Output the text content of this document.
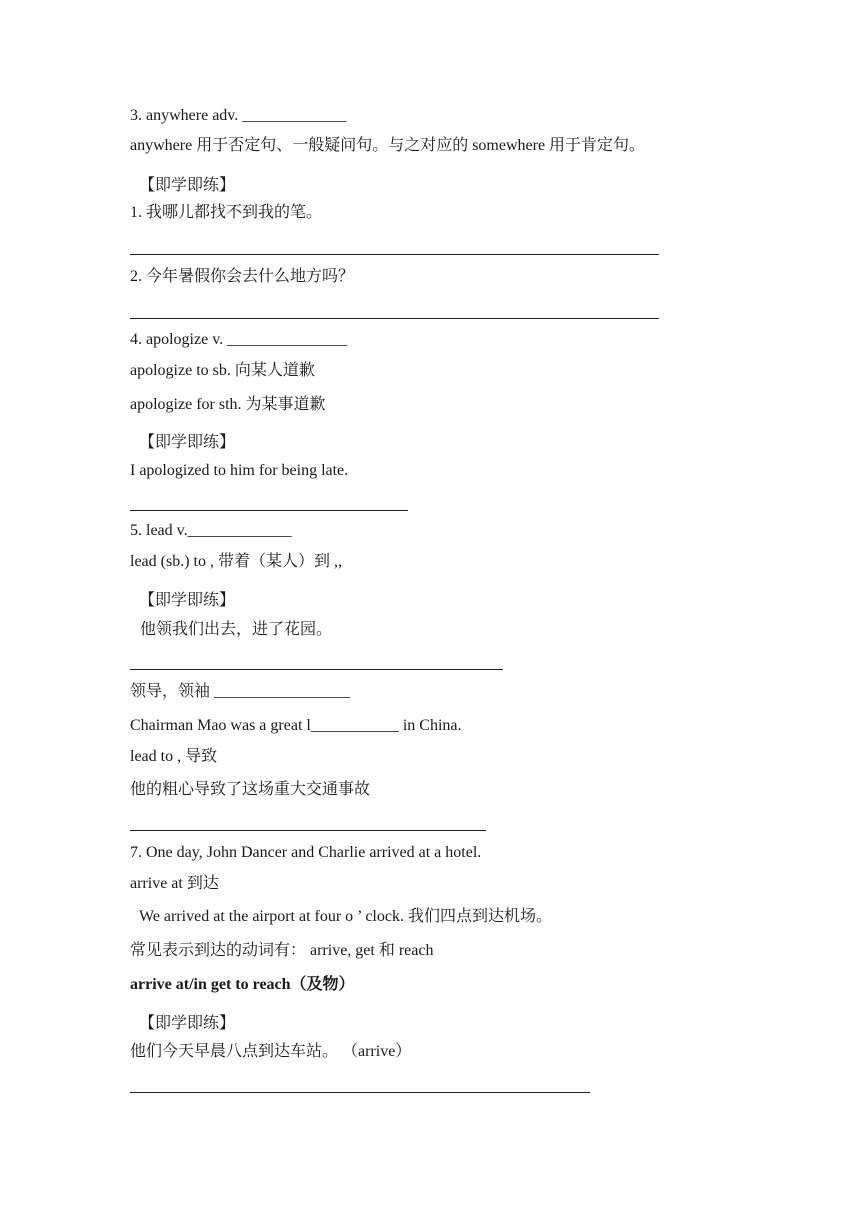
3. anywhere adv. _____________
anywhere 用于否定句、一般疑问句。与之对应的 somewhere 用于肯定句。
【即学即练】
1. 我哪儿都找不到我的笔。
2. 今年暑假你会去什么地方吗？
4. apologize v. _______________
apologize to sb. 向某人道歉
apologize for sth. 为某事道歉
【即学即练】
I apologized to him for being late.
5. lead v._____________
lead (sb.) to , 带着（某人）到 ,,
【即学即练】
他领我们出去，进了花园。
领导，领袖 _________________
Chairman Mao was a great l___________ in China.
lead to , 导致
他的粗心导致了这场重大交通事故
7. One day, John Dancer and Charlie arrived at a hotel.
arrive at 到达
We arrived at the airport at four o ’ clock. 我们四点到达机场。
常见表示到达的动词有： arrive, get 和 reach
arrive at/in get to reach（及物）
【即学即练】
他们今天早晨八点到达车站。 （arrive）
